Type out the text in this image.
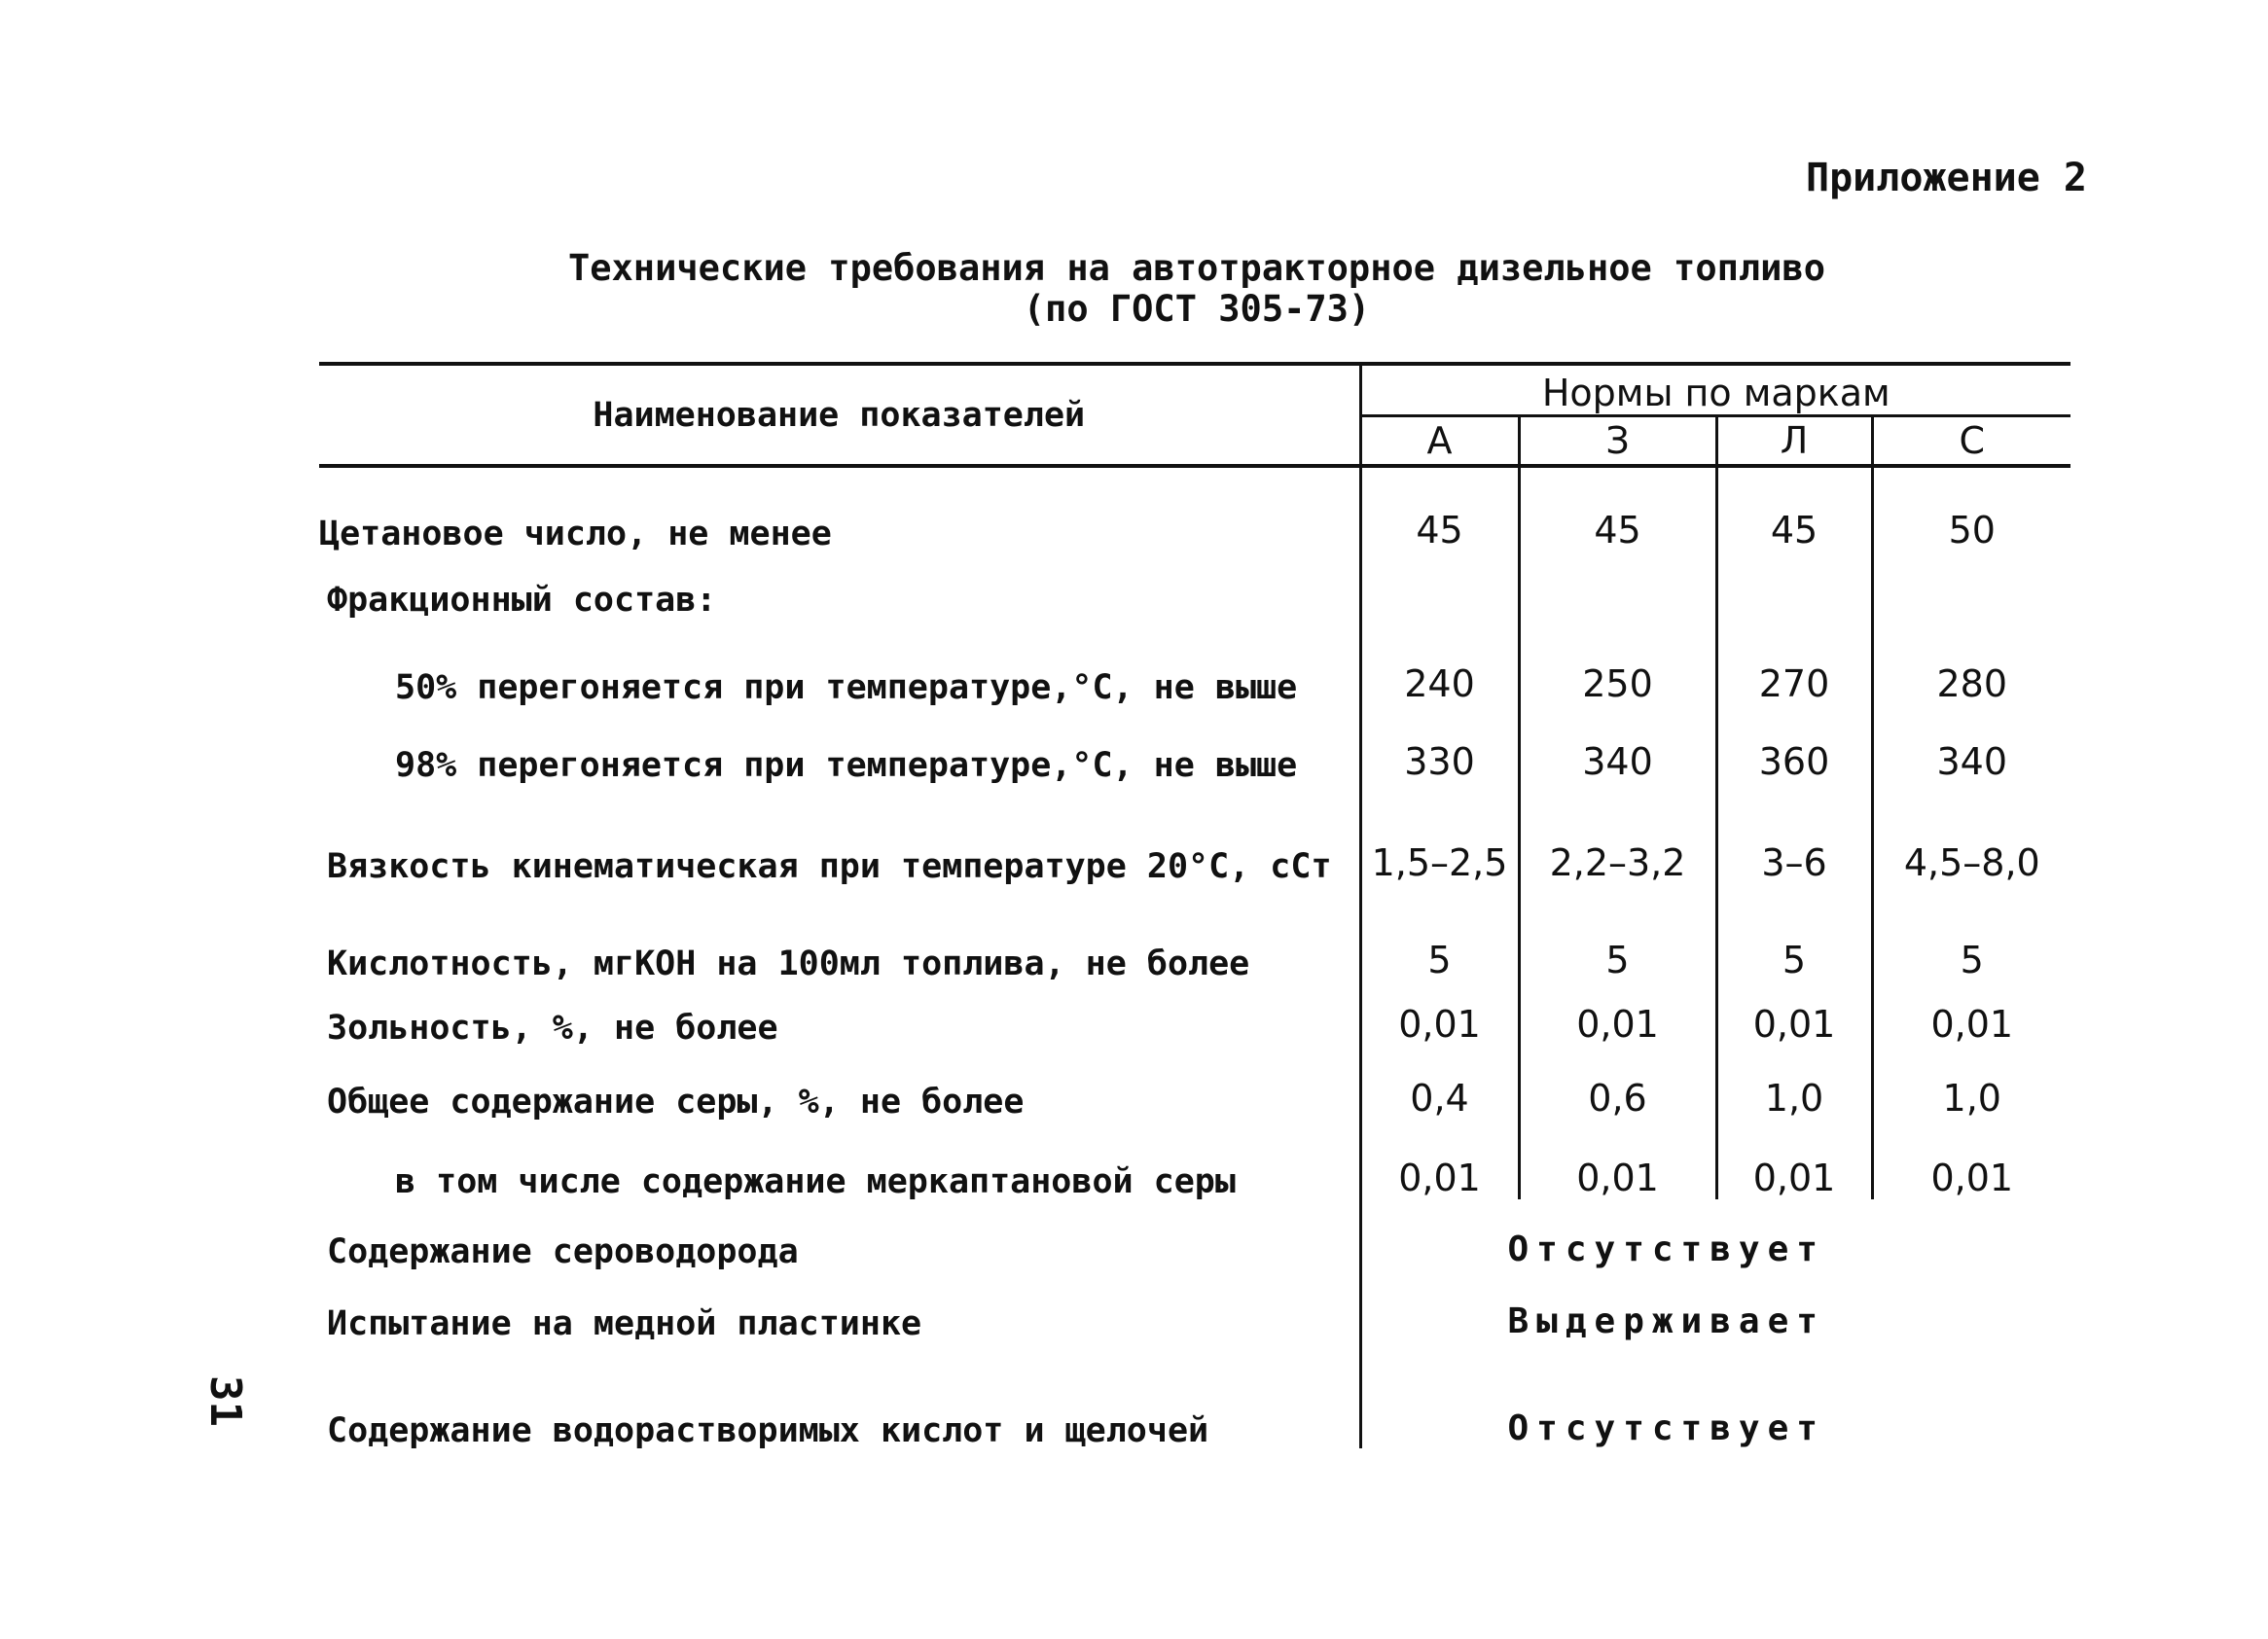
Приложение 2
Технические требования на автотракторное дизельное топливо
(по ГОСТ 305-73)
Наименование показателей	Нормы по маркам			
	А	З	Л	С
Цетановое число, не менее	45	45	45	50
Фракционный состав:				
50% перегоняется при температуре,°C, не выше	240	250	270	280
98% перегоняется при температуре,°C, не выше	330	340	360	340
Вязкость кинематическая при температуре 20°C, сСт	1,5–2,5	2,2–3,2	3–6	4,5–8,0
Кислотность, мгКОН на 100мл топлива, не более	5	5	5	5
Зольность, %, не более	0,01	0,01	0,01	0,01
Общее содержание серы, %, не более	0,4	0,6	1,0	1,0
в том числе содержание меркаптановой серы	0,01	0,01	0,01	0,01
Содержание сероводорода	Отсутствует			
Испытание на медной пластинке	Выдерживает			
Содержание водорастворимых кислот и щелочей	Отсутствует			
31
